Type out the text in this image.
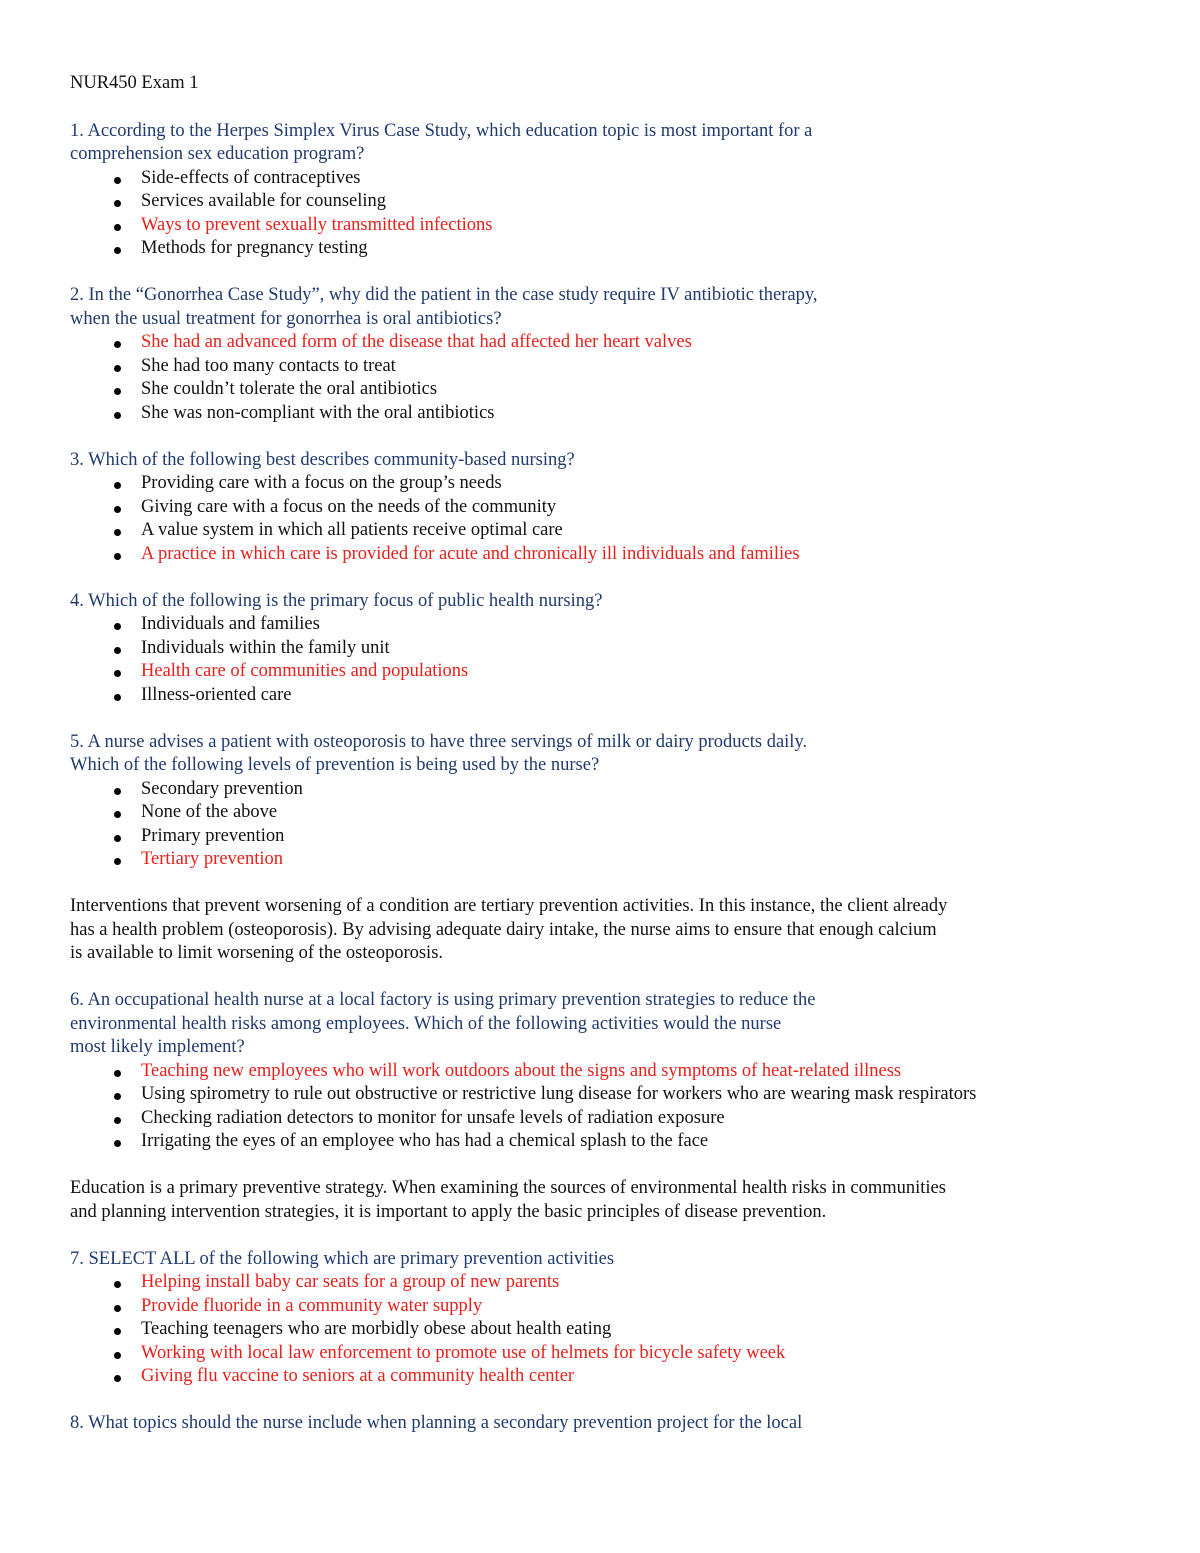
NUR450 Exam 1
1. According to the Herpes Simplex Virus Case Study, which education topic is most important for a
comprehension sex education program?
Side-effects of contraceptives
Services available for counseling
Ways to prevent sexually transmitted infections
Methods for pregnancy testing
2. In the “Gonorrhea Case Study”, why did the patient in the case study require IV antibiotic therapy,
when the usual treatment for gonorrhea is oral antibiotics?
She had an advanced form of the disease that had affected her heart valves
She had too many contacts to treat
She couldn’t tolerate the oral antibiotics
She was non-compliant with the oral antibiotics
3. Which of the following best describes community-based nursing?
Providing care with a focus on the group’s needs
Giving care with a focus on the needs of the community
A value system in which all patients receive optimal care
A practice in which care is provided for acute and chronically ill individuals and families
4. Which of the following is the primary focus of public health nursing?
Individuals and families
Individuals within the family unit
Health care of communities and populations
Illness-oriented care
5. A nurse advises a patient with osteoporosis to have three servings of milk or dairy products daily.
Which of the following levels of prevention is being used by the nurse?
Secondary prevention
None of the above
Primary prevention
Tertiary prevention
Interventions that prevent worsening of a condition are tertiary prevention activities. In this instance, the client already has a health problem (osteoporosis). By advising adequate dairy intake, the nurse aims to ensure that enough calcium is available to limit worsening of the osteoporosis.
6. An occupational health nurse at a local factory is using primary prevention strategies to reduce the
environmental health risks among employees. Which of the following activities would the nurse
most likely implement?
Teaching new employees who will work outdoors about the signs and symptoms of heat-related illness
Using spirometry to rule out obstructive or restrictive lung disease for workers who are wearing mask respirators
Checking radiation detectors to monitor for unsafe levels of radiation exposure
Irrigating the eyes of an employee who has had a chemical splash to the face
Education is a primary preventive strategy. When examining the sources of environmental health risks in communities and planning intervention strategies, it is important to apply the basic principles of disease prevention.
7. SELECT ALL of the following which are primary prevention activities
Helping install baby car seats for a group of new parents
Provide fluoride in a community water supply
Teaching teenagers who are morbidly obese about health eating
Working with local law enforcement to promote use of helmets for bicycle safety week
Giving flu vaccine to seniors at a community health center
8. What topics should the nurse include when planning a secondary prevention project for the local
